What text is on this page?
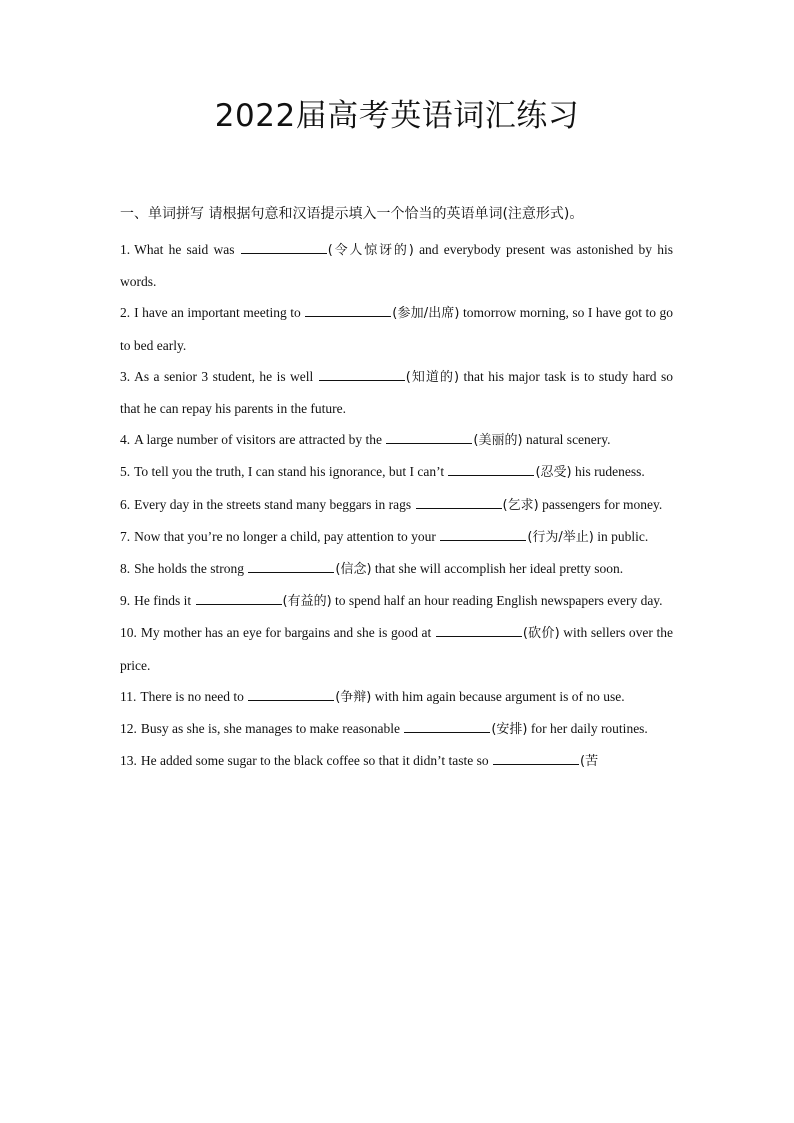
2022届高考英语词汇练习
一、单词拼写 请根据句意和汉语提示填入一个恰当的英语单词(注意形式)。
1. What he said was	(令人惊讶的) and everybody present was astonished by his words.
2. I have an important meeting to	(参加/出席) tomorrow morning, so I have got to go to bed early.
3. As a senior 3 student, he is well	(知道的) that his major task is to study hard so that he can repay his parents in the future.
4. A large number of visitors are attracted by the	(美丽的) natural scenery.
5. To tell you the truth, I can stand his ignorance, but I can’t	(忍受) his rudeness.
6. Every day in the streets stand many beggars in rags	(乞求) passengers for money.
7. Now that you’re no longer a child, pay attention to your	(行为/举止) in public.
8. She holds the strong	(信念) that she will accomplish her ideal pretty soon.
9. He finds it	(有益的) to spend half an hour reading English newspapers every day.
10. My mother has an eye for bargains and she is good at	(砍价) with sellers over the price.
11. There is no need to	(争辩) with him again because argument is of no use.
12. Busy as she is, she manages to make reasonable	(安排) for her daily routines.
13. He added some sugar to the black coffee so that it didn’t taste so	(苦
